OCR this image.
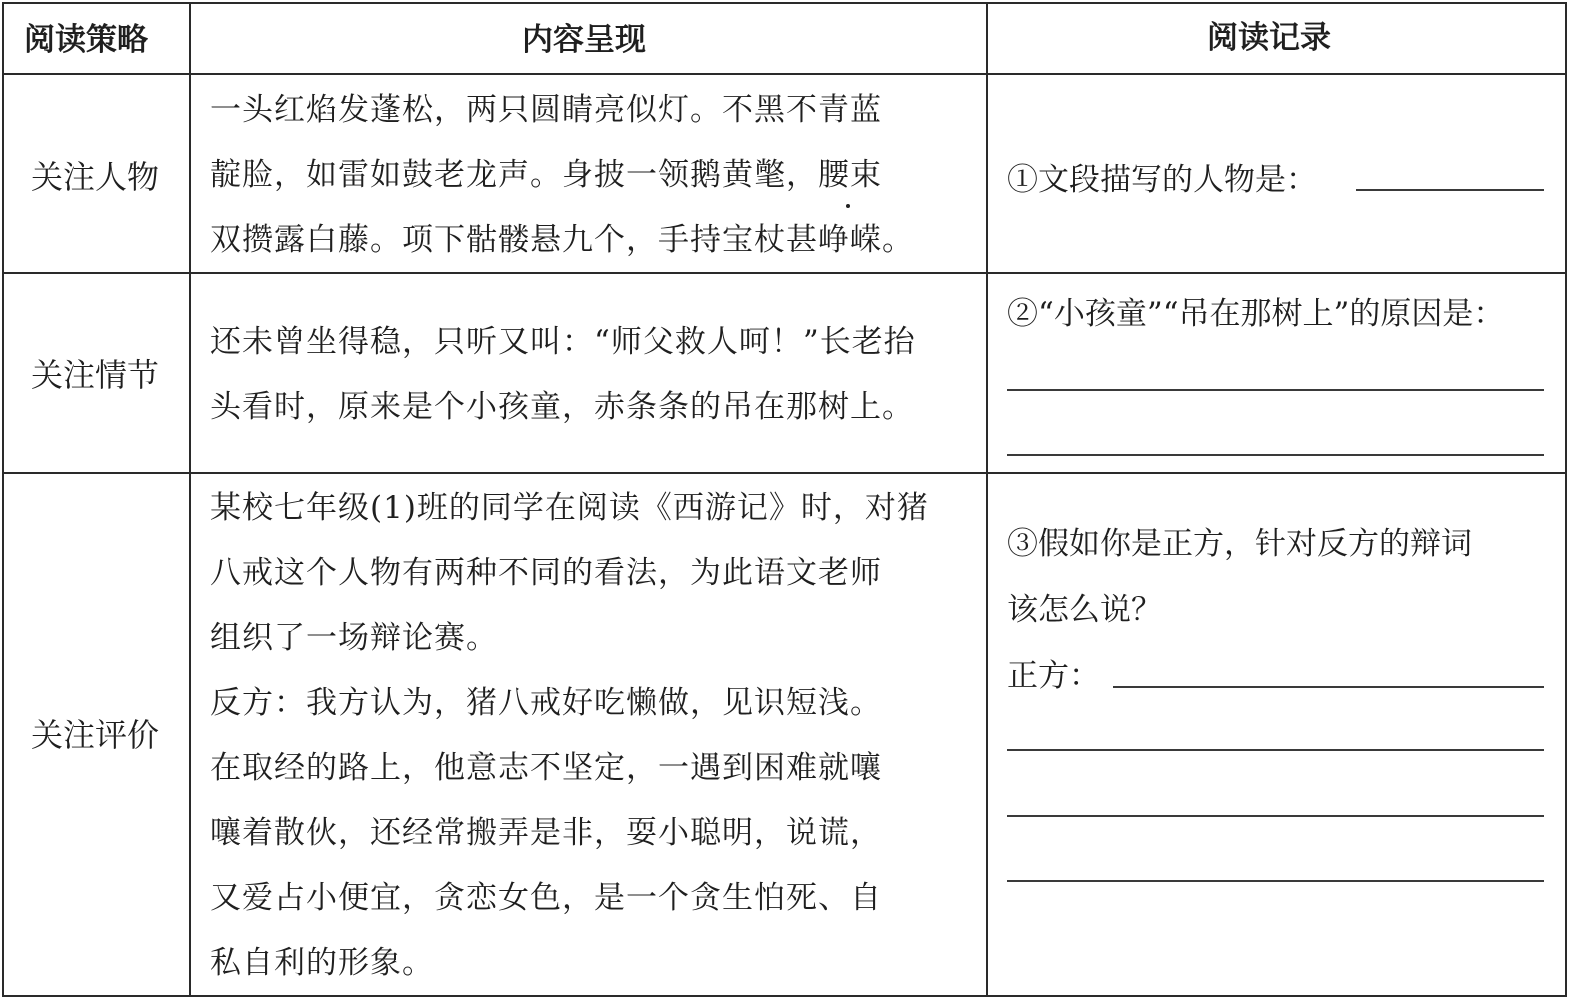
阅读策略	内容呈现	阅读记录
关注人物
一头红焰发蓬松，两只圆睛亮似灯。不黑不青蓝
靛脸，如雷如鼓老龙声。身披一领鹅黄氅，腰束
双攒露白藤。项下骷髅悬九个，手持宝杖甚峥嵘。
①文段描写的人物是：
关注情节
还未曾坐得稳，只听又叫：“师父救人呵！”长老抬
头看时，原来是个小孩童，赤条条的吊在那树上。
②“小孩童”“吊在那树上”的原因是：
关注评价
某校七年级(1)班的同学在阅读《西游记》时，对猪
八戒这个人物有两种不同的看法，为此语文老师
组织了一场辩论赛。
反方：我方认为，猪八戒好吃懒做，见识短浅。
在取经的路上，他意志不坚定，一遇到困难就嚷
嚷着散伙，还经常搬弄是非，耍小聪明，说谎，
又爱占小便宜，贪恋女色，是一个贪生怕死、自
私自利的形象。
③假如你是正方，针对反方的辩词
该怎么说？
正方：
